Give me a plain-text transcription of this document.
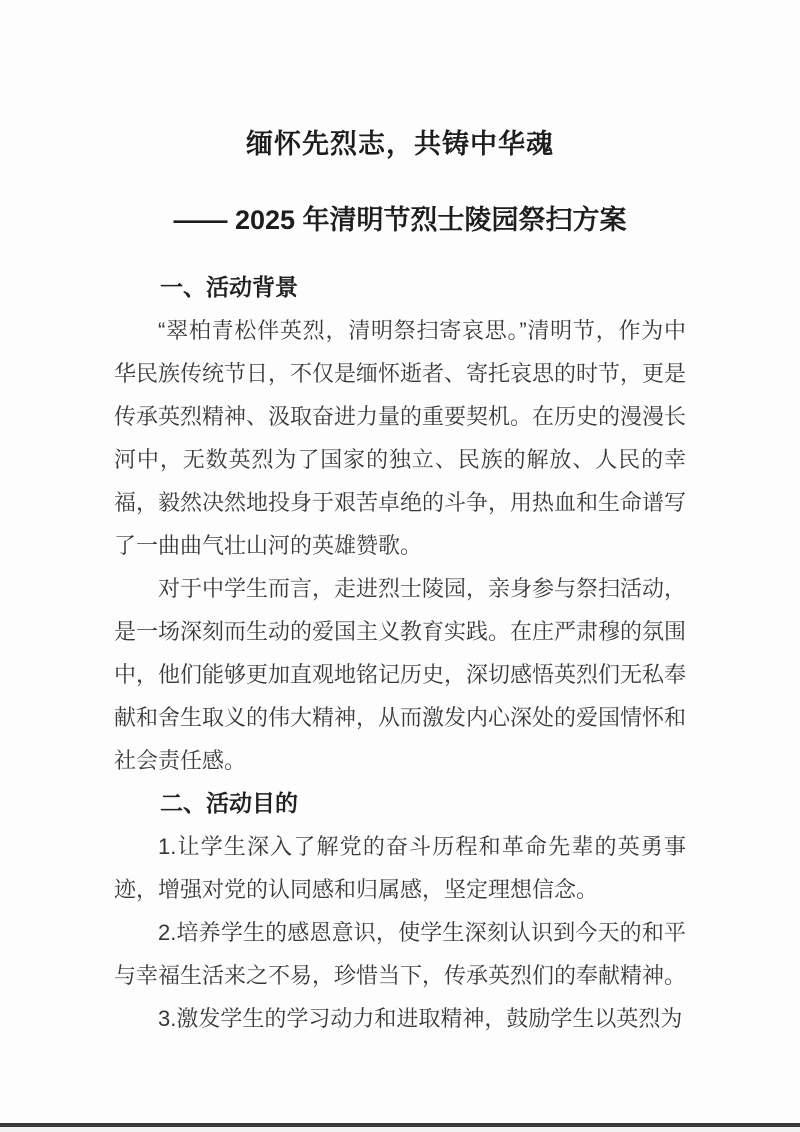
缅怀先烈志，共铸中华魂
—— 2025 年清明节烈士陵园祭扫方案
一、活动背景

“翠柏青松伴英烈，清明祭扫寄哀思。”清明节，作为中华民族传统节日，不仅是缅怀逝者、寄托哀思的时节，更是传承英烈精神、汲取奋进力量的重要契机。在历史的漫漫长河中，无数英烈为了国家的独立、民族的解放、人民的幸福，毅然决然地投身于艰苦卓绝的斗争，用热血和生命谱写了一曲曲气壮山河的英雄赞歌。

对于中学生而言，走进烈士陵园，亲身参与祭扫活动，是一场深刻而生动的爱国主义教育实践。在庄严肃穆的氛围中，他们能够更加直观地铭记历史，深切感悟英烈们无私奉献和舍生取义的伟大精神，从而激发内心深处的爱国情怀和社会责任感。

二、活动目的

1.让学生深入了解党的奋斗历程和革命先辈的英勇事迹，增强对党的认同感和归属感，坚定理想信念。

2.培养学生的感恩意识，使学生深刻认识到今天的和平与幸福生活来之不易，珍惜当下，传承英烈们的奉献精神。

3.激发学生的学习动力和进取精神，鼓励学生以英烈为
